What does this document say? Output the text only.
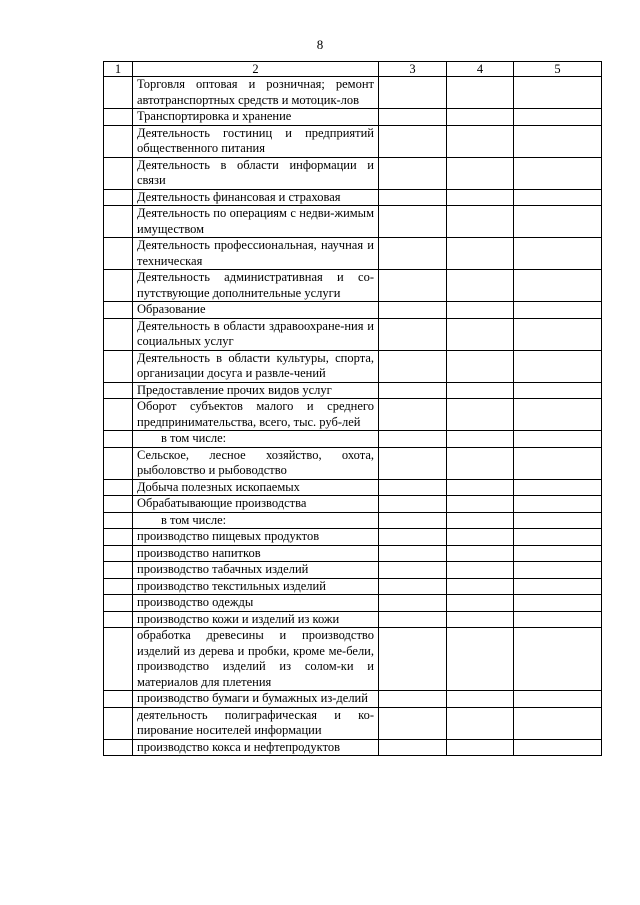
8
1	2	3	4	5
	Торговля оптовая и розничная; ремонт автотранспортных средств и мотоцик-лов			
	Транспортировка и хранение			
	Деятельность гостиниц и предприятий общественного питания			
	Деятельность в области информации и связи			
	Деятельность финансовая и страховая			
	Деятельность по операциям с недви-жимым имуществом			
	Деятельность профессиональная, научная и техническая			
	Деятельность административная и со-путствующие дополнительные услуги			
	Образование			
	Деятельность в области здравоохране-ния и социальных услуг			
	Деятельность в области культуры, спорта, организации досуга и развле-чений			
	Предоставление прочих видов услуг			
	Оборот субъектов малого и среднего предпринимательства, всего, тыс. руб-лей			
	в том числе:			
	Сельское, лесное хозяйство, охота, рыболовство и рыбоводство			
	Добыча полезных ископаемых			
	Обрабатывающие производства			
	в том числе:			
	производство пищевых продуктов			
	производство напитков			
	производство табачных изделий			
	производство текстильных изделий			
	производство одежды			
	производство кожи и изделий из кожи			
	обработка древесины и производство изделий из дерева и пробки, кроме ме-бели, производство изделий из солом-ки и материалов для плетения			
	производство бумаги и бумажных из-делий			
	деятельность полиграфическая и ко-пирование носителей информации			
	производство кокса и нефтепродуктов			
